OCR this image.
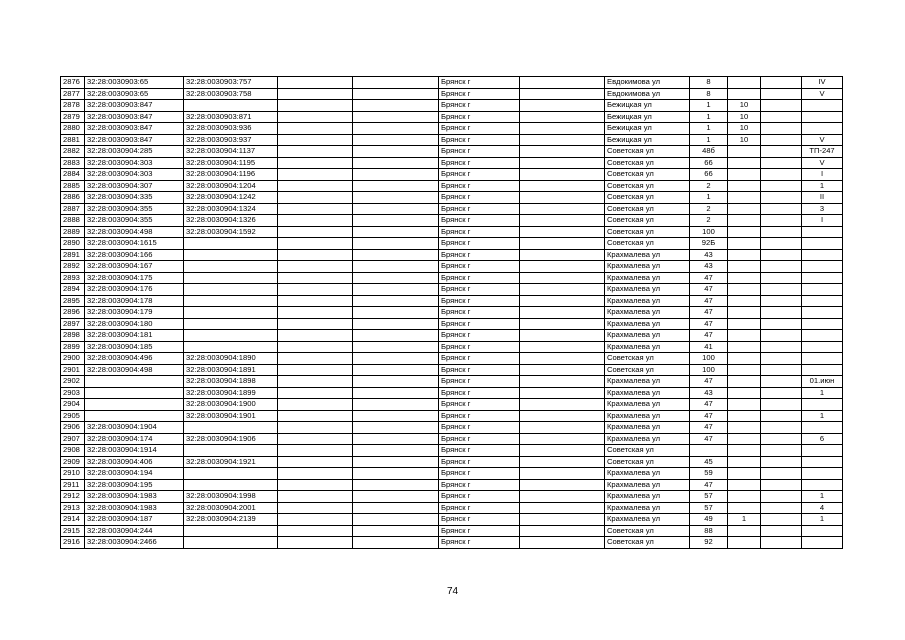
2876	32:28:0030903:65	32:28:0030903:757			Брянск г		Евдокимова ул	8			IV
2877	32:28:0030903:65	32:28:0030903:758			Брянск г		Евдокимова ул	8			V
2878	32:28:0030903:847				Брянск г		Бежицкая ул	1	10		
2879	32:28:0030903:847	32:28:0030903:871			Брянск г		Бежицкая ул	1	10		
2880	32:28:0030903:847	32:28:0030903:936			Брянск г		Бежицкая ул	1	10		
2881	32:28:0030903:847	32:28:0030903:937			Брянск г		Бежицкая ул	1	10		V
2882	32:28:0030904:285	32:28:0030904:1137			Брянск г		Советская ул	48б			ТП-247
2883	32:28:0030904:303	32:28:0030904:1195			Брянск г		Советская ул	66			V
2884	32:28:0030904:303	32:28:0030904:1196			Брянск г		Советская ул	66			I
2885	32:28:0030904:307	32:28:0030904:1204			Брянск г		Советская ул	2			1
2886	32:28:0030904:335	32:28:0030904:1242			Брянск г		Советская ул	1			II
2887	32:28:0030904:355	32:28:0030904:1324			Брянск г		Советская ул	2			3
2888	32:28:0030904:355	32:28:0030904:1326			Брянск г		Советская ул	2			I
2889	32:28:0030904:498	32:28:0030904:1592			Брянск г		Советская ул	100			
2890	32:28:0030904:1615				Брянск г		Советская ул	92Б			
2891	32:28:0030904:166				Брянск г		Крахмалева ул	43			
2892	32:28:0030904:167				Брянск г		Крахмалева ул	43			
2893	32:28:0030904:175				Брянск г		Крахмалева ул	47			
2894	32:28:0030904:176				Брянск г		Крахмалева ул	47			
2895	32:28:0030904:178				Брянск г		Крахмалева ул	47			
2896	32:28:0030904:179				Брянск г		Крахмалева ул	47			
2897	32:28:0030904:180				Брянск г		Крахмалева ул	47			
2898	32:28:0030904:181				Брянск г		Крахмалева ул	47			
2899	32:28:0030904:185				Брянск г		Крахмалева ул	41			
2900	32:28:0030904:496	32:28:0030904:1890			Брянск г		Советская ул	100			
2901	32:28:0030904:498	32:28:0030904:1891			Брянск г		Советская ул	100			
2902		32:28:0030904:1898			Брянск г		Крахмалева ул	47			01.июн
2903		32:28:0030904:1899			Брянск г		Крахмалева ул	43			1
2904		32:28:0030904:1900			Брянск г		Крахмалева ул	47			
2905		32:28:0030904:1901			Брянск г		Крахмалева ул	47			1
2906	32:28:0030904:1904				Брянск г		Крахмалева ул	47			
2907	32:28:0030904:174	32:28:0030904:1906			Брянск г		Крахмалева ул	47			6
2908	32:28:0030904:1914				Брянск г		Советская ул				
2909	32:28:0030904:406	32:28:0030904:1921			Брянск г		Советская ул	45			
2910	32:28:0030904:194				Брянск г		Крахмалева ул	59			
2911	32:28:0030904:195				Брянск г		Крахмалева ул	47			
2912	32:28:0030904:1983	32:28:0030904:1998			Брянск г		Крахмалева ул	57			1
2913	32:28:0030904:1983	32:28:0030904:2001			Брянск г		Крахмалева ул	57			4
2914	32:28:0030904:187	32:28:0030904:2139			Брянск г		Крахмалева ул	49	1		1
2915	32:28:0030904:244				Брянск г		Советская ул	88			
2916	32:28:0030904:2466				Брянск г		Советская ул	92			
74
